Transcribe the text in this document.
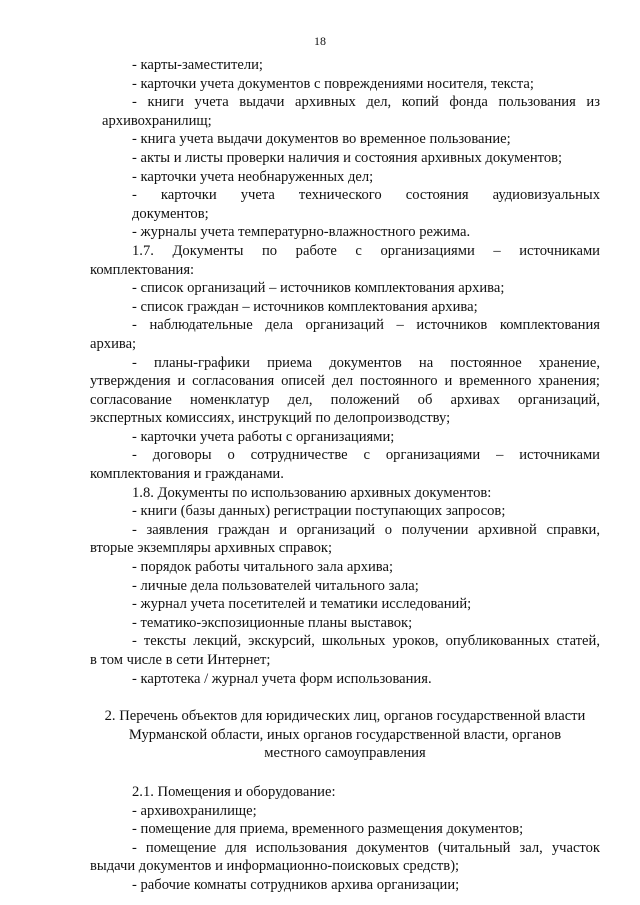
18
- карты-заместители;
- карточки учета документов с повреждениями носителя, текста;
- книги учета выдачи архивных дел, копий фонда пользования из
архивохранилищ;
- книга учета выдачи документов во временное пользование;
- акты и листы проверки наличия и состояния архивных документов;
- карточки учета необнаруженных дел;
- карточки учета технического состояния аудиовизуальных
документов;
- журналы учета температурно-влажностного режима.
1.7. Документы по работе с организациями – источниками
комплектования:
- список организаций – источников комплектования архива;
- список граждан – источников комплектования архива;
- наблюдательные дела организаций – источников комплектования
архива;
- планы-графики приема документов на постоянное хранение,
утверждения и согласования описей дел постоянного и временного хранения;
согласование номенклатур дел, положений об архивах организаций,
экспертных комиссиях, инструкций по делопроизводству;
- карточки учета работы с организациями;
- договоры о сотрудничестве с организациями – источниками
комплектования и гражданами.
1.8. Документы по использованию архивных документов:
- книги (базы данных) регистрации поступающих запросов;
- заявления граждан и организаций о получении архивной справки,
вторые экземпляры архивных справок;
- порядок работы читального зала архива;
- личные дела пользователей читального зала;
- журнал учета посетителей и тематики исследований;
- тематико-экспозиционные планы выставок;
- тексты лекций, экскурсий, школьных уроков, опубликованных статей,
в том числе в сети Интернет;
- картотека / журнал учета форм использования.
2. Перечень объектов для юридических лиц, органов государственной власти
Мурманской области, иных органов государственной власти, органов
местного самоуправления
2.1. Помещения и оборудование:
- архивохранилище;
- помещение для приема, временного размещения документов;
- помещение для использования документов (читальный зал, участок
выдачи документов и информационно-поисковых средств);
- рабочие комнаты сотрудников архива организации;
